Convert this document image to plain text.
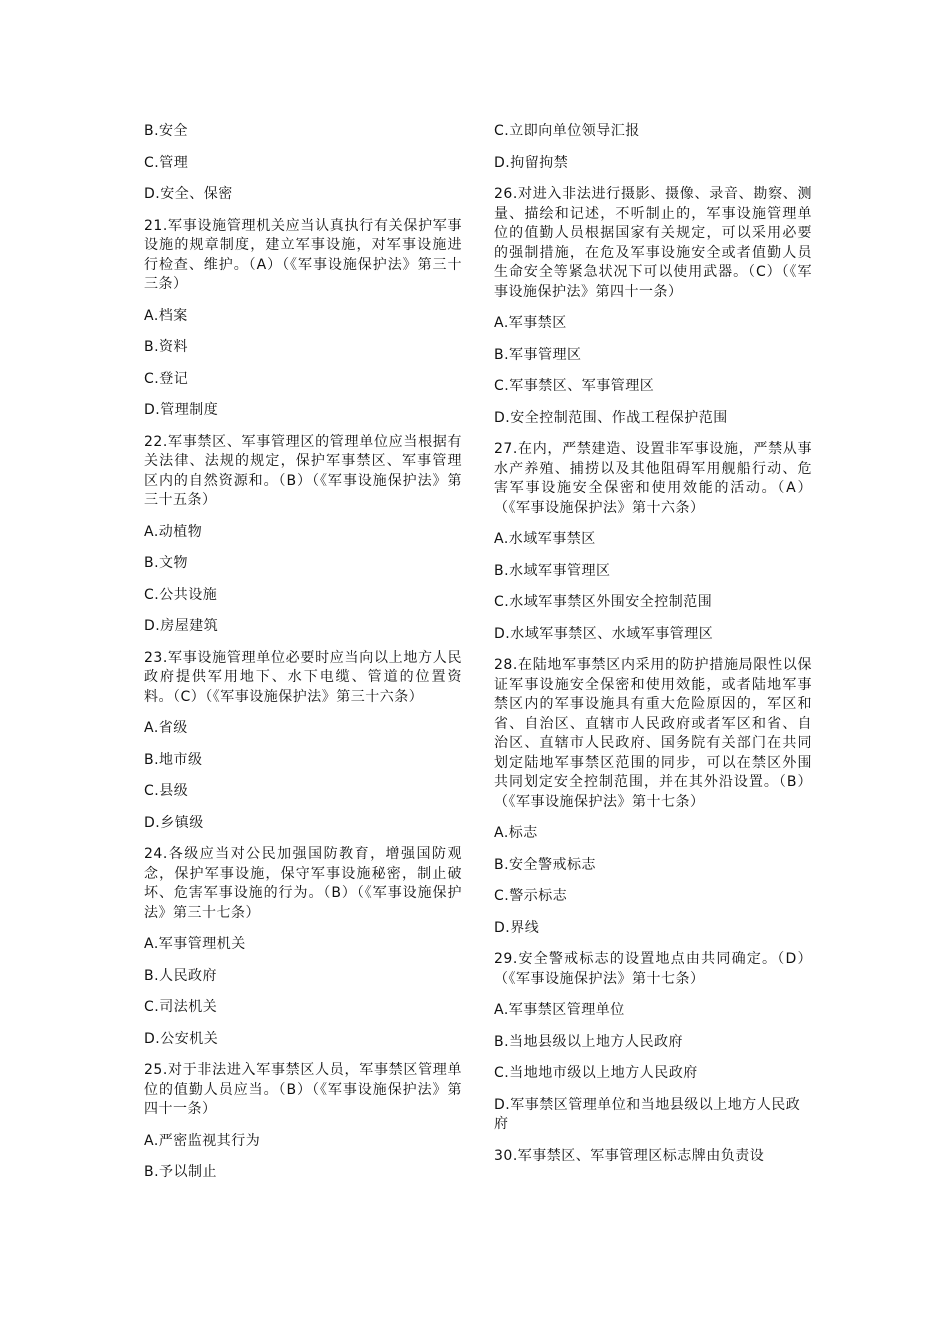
B.安全

C.管理

D.安全、保密

21.军事设施管理机关应当认真执行有关保护军事设施的规章制度，建立军事设施，对军事设施进行检查、维护。（A）（《军事设施保护法》第三十三条）

A.档案

B.资料

C.登记

D.管理制度

22.军事禁区、军事管理区的管理单位应当根据有关法律、法规的规定，保护军事禁区、军事管理区内的自然资源和。（B）（《军事设施保护法》第三十五条）

A.动植物

B.文物

C.公共设施

D.房屋建筑

23.军事设施管理单位必要时应当向以上地方人民政府提供军用地下、水下电缆、管道的位置资料。（C）（《军事设施保护法》第三十六条）

A.省级

B.地市级

C.县级

D.乡镇级

24.各级应当对公民加强国防教育，增强国防观念，保护军事设施，保守军事设施秘密，制止破坏、危害军事设施的行为。（B）（《军事设施保护法》第三十七条）

A.军事管理机关

B.人民政府

C.司法机关

D.公安机关

25.对于非法进入军事禁区人员，军事禁区管理单位的值勤人员应当。（B）（《军事设施保护法》第四十一条）

A.严密监视其行为

B.予以制止

C.立即向单位领导汇报

D.拘留拘禁

26.对进入非法进行摄影、摄像、录音、勘察、测量、描绘和记述，不听制止的，军事设施管理单位的值勤人员根据国家有关规定，可以采用必要的强制措施，在危及军事设施安全或者值勤人员生命安全等紧急状况下可以使用武器。（C）（《军事设施保护法》第四十一条）

A.军事禁区

B.军事管理区

C.军事禁区、军事管理区

D.安全控制范围、作战工程保护范围

27.在内，严禁建造、设置非军事设施，严禁从事水产养殖、捕捞以及其他阻碍军用舰船行动、危害军事设施安全保密和使用效能的活动。（A）（《军事设施保护法》第十六条）

A.水域军事禁区

B.水域军事管理区

C.水域军事禁区外围安全控制范围

D.水域军事禁区、水域军事管理区

28.在陆地军事禁区内采用的防护措施局限性以保证军事设施安全保密和使用效能，或者陆地军事禁区内的军事设施具有重大危险原因的，军区和省、自治区、直辖市人民政府或者军区和省、自治区、直辖市人民政府、国务院有关部门在共同划定陆地军事禁区范围的同步，可以在禁区外围共同划定安全控制范围，并在其外沿设置。（B）（《军事设施保护法》第十七条）

A.标志

B.安全警戒标志

C.警示标志

D.界线

29.安全警戒标志的设置地点由共同确定。（D）（《军事设施保护法》第十七条）

A.军事禁区管理单位

B.当地县级以上地方人民政府

C.当地地市级以上地方人民政府

D.军事禁区管理单位和当地县级以上地方人民政府

30.军事禁区、军事管理区标志牌由负责设
